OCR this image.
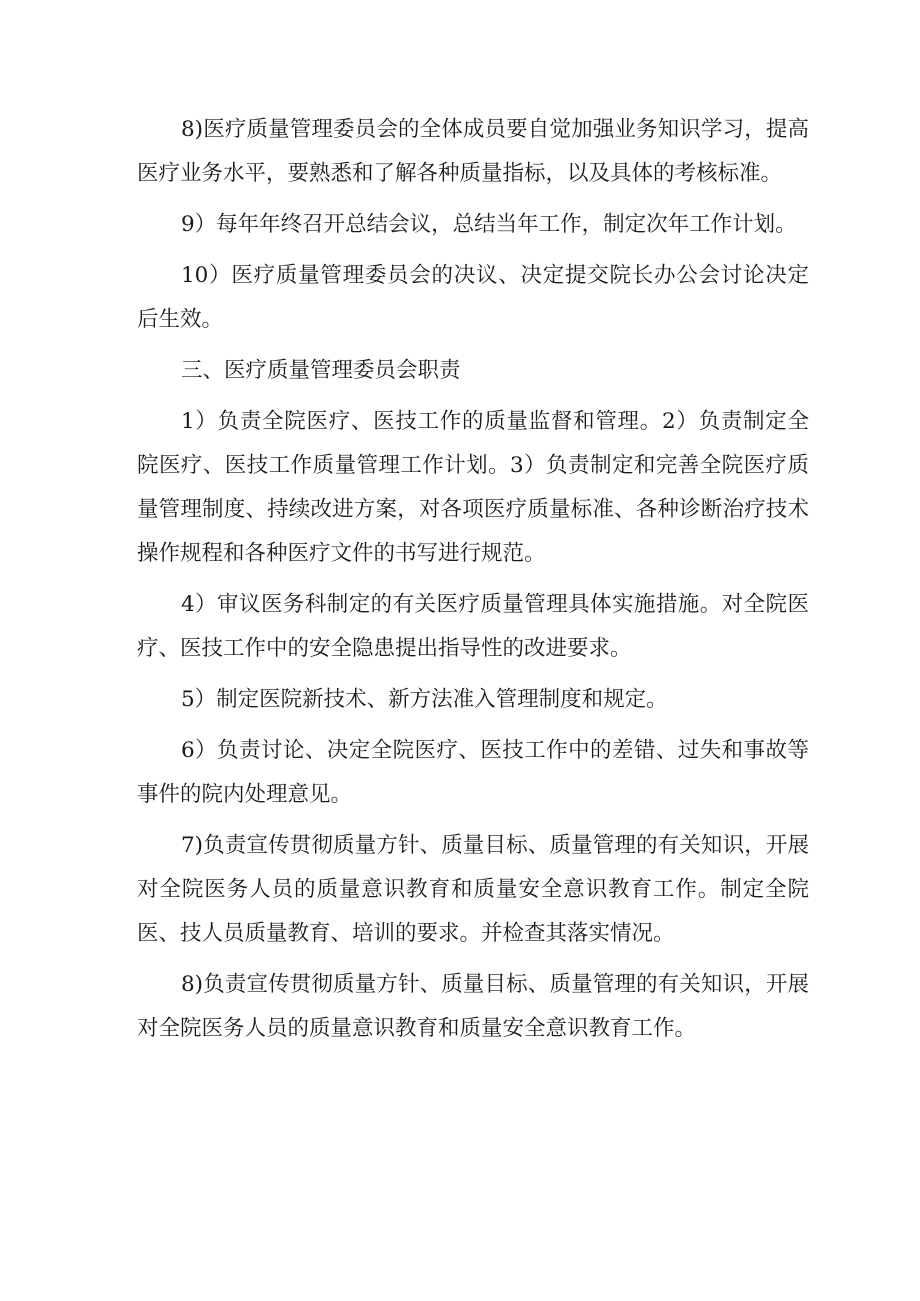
8)医疗质量管理委员会的全体成员要自觉加强业务知识学习，提高医疗业务水平，要熟悉和了解各种质量指标，以及具体的考核标准。

9）每年年终召开总结会议，总结当年工作，制定次年工作计划。

10）医疗质量管理委员会的决议、决定提交院长办公会讨论决定后生效。

三、医疗质量管理委员会职责

1）负责全院医疗、医技工作的质量监督和管理。2）负责制定全院医疗、医技工作质量管理工作计划。3）负责制定和完善全院医疗质量管理制度、持续改进方案，对各项医疗质量标准、各种诊断治疗技术操作规程和各种医疗文件的书写进行规范。

4）审议医务科制定的有关医疗质量管理具体实施措施。对全院医疗、医技工作中的安全隐患提出指导性的改进要求。

5）制定医院新技术、新方法准入管理制度和规定。

6）负责讨论、决定全院医疗、医技工作中的差错、过失和事故等事件的院内处理意见。

7)负责宣传贯彻质量方针、质量目标、质量管理的有关知识，开展对全院医务人员的质量意识教育和质量安全意识教育工作。制定全院医、技人员质量教育、培训的要求。并检查其落实情况。

8)负责宣传贯彻质量方针、质量目标、质量管理的有关知识，开展对全院医务人员的质量意识教育和质量安全意识教育工作。
